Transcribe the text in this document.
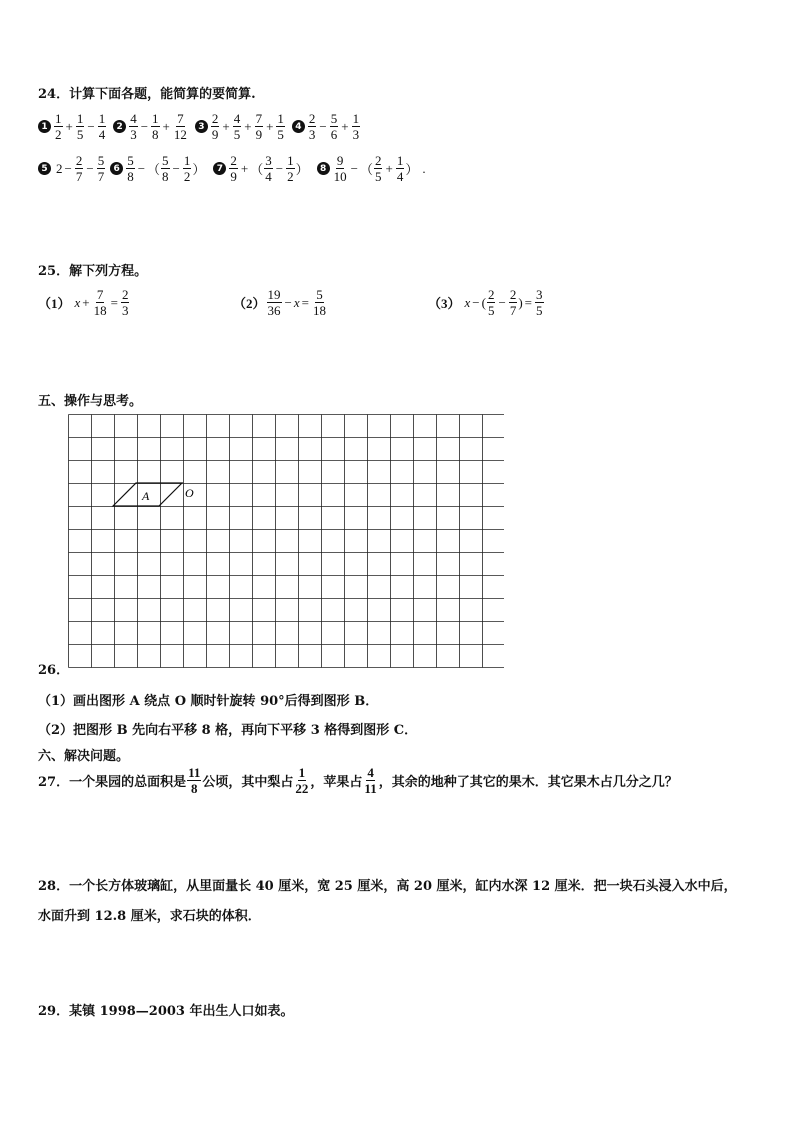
24．计算下面各题，能简算的要简算.
$1 \frac{1}{2} + \frac{1}{5} - \frac{1}{4}$	$2 \frac{4}{3} - \frac{1}{8} + \frac{7}{12}$	$3 \frac{2}{9} + \frac{4}{5} + \frac{7}{9} + \frac{1}{5}$	$4 \frac{2}{3} - \frac{5}{6} + \frac{1}{3}$
5 $2 - \frac{2}{7} - \frac{5}{7} 6 \frac{5}{8}$ − （ $\frac{5}{8} - \frac{1}{2}$ ）	$7 \frac{2}{9}$ + （ $\frac{3}{4} - \frac{1}{2}$ ）	$8 \frac{9}{10}$ − （ $\frac{2}{5} + \frac{1}{4}$ ） .
25．解下列方程。
（1） $x + \frac{7}{18} = \frac{2}{3}$	$(2) \frac{19}{36} - x = \frac{5}{18}$	（3） x − ( $\frac{2}{5} - \frac{2}{7}$ ) = $\frac{3}{5}$
五、操作与思考。
A	O
26．
（1）画出图形 A 绕点 O 顺时针旋转 90°后得到图形 B．
（2）把图形 B 先向右平移 8 格，再向下平移 3 格得到图形 C．
六、解决问题。
27．一个果园的总面积是 $\frac{11}{8}$ 公顷，其中梨占 $\frac{1}{22}$ ，苹果占 $\frac{4}{11}$ ，其余的地种了其它的果木．其它果木占几分之几？
28．一个长方体玻璃缸，从里面量长 40 厘米，宽 25 厘米，高 20 厘米，缸内水深 12 厘米．把一块石头浸入水中后，
水面升到 12.8 厘米，求石块的体积．
29．某镇 1998—2003 年出生人口如表。
